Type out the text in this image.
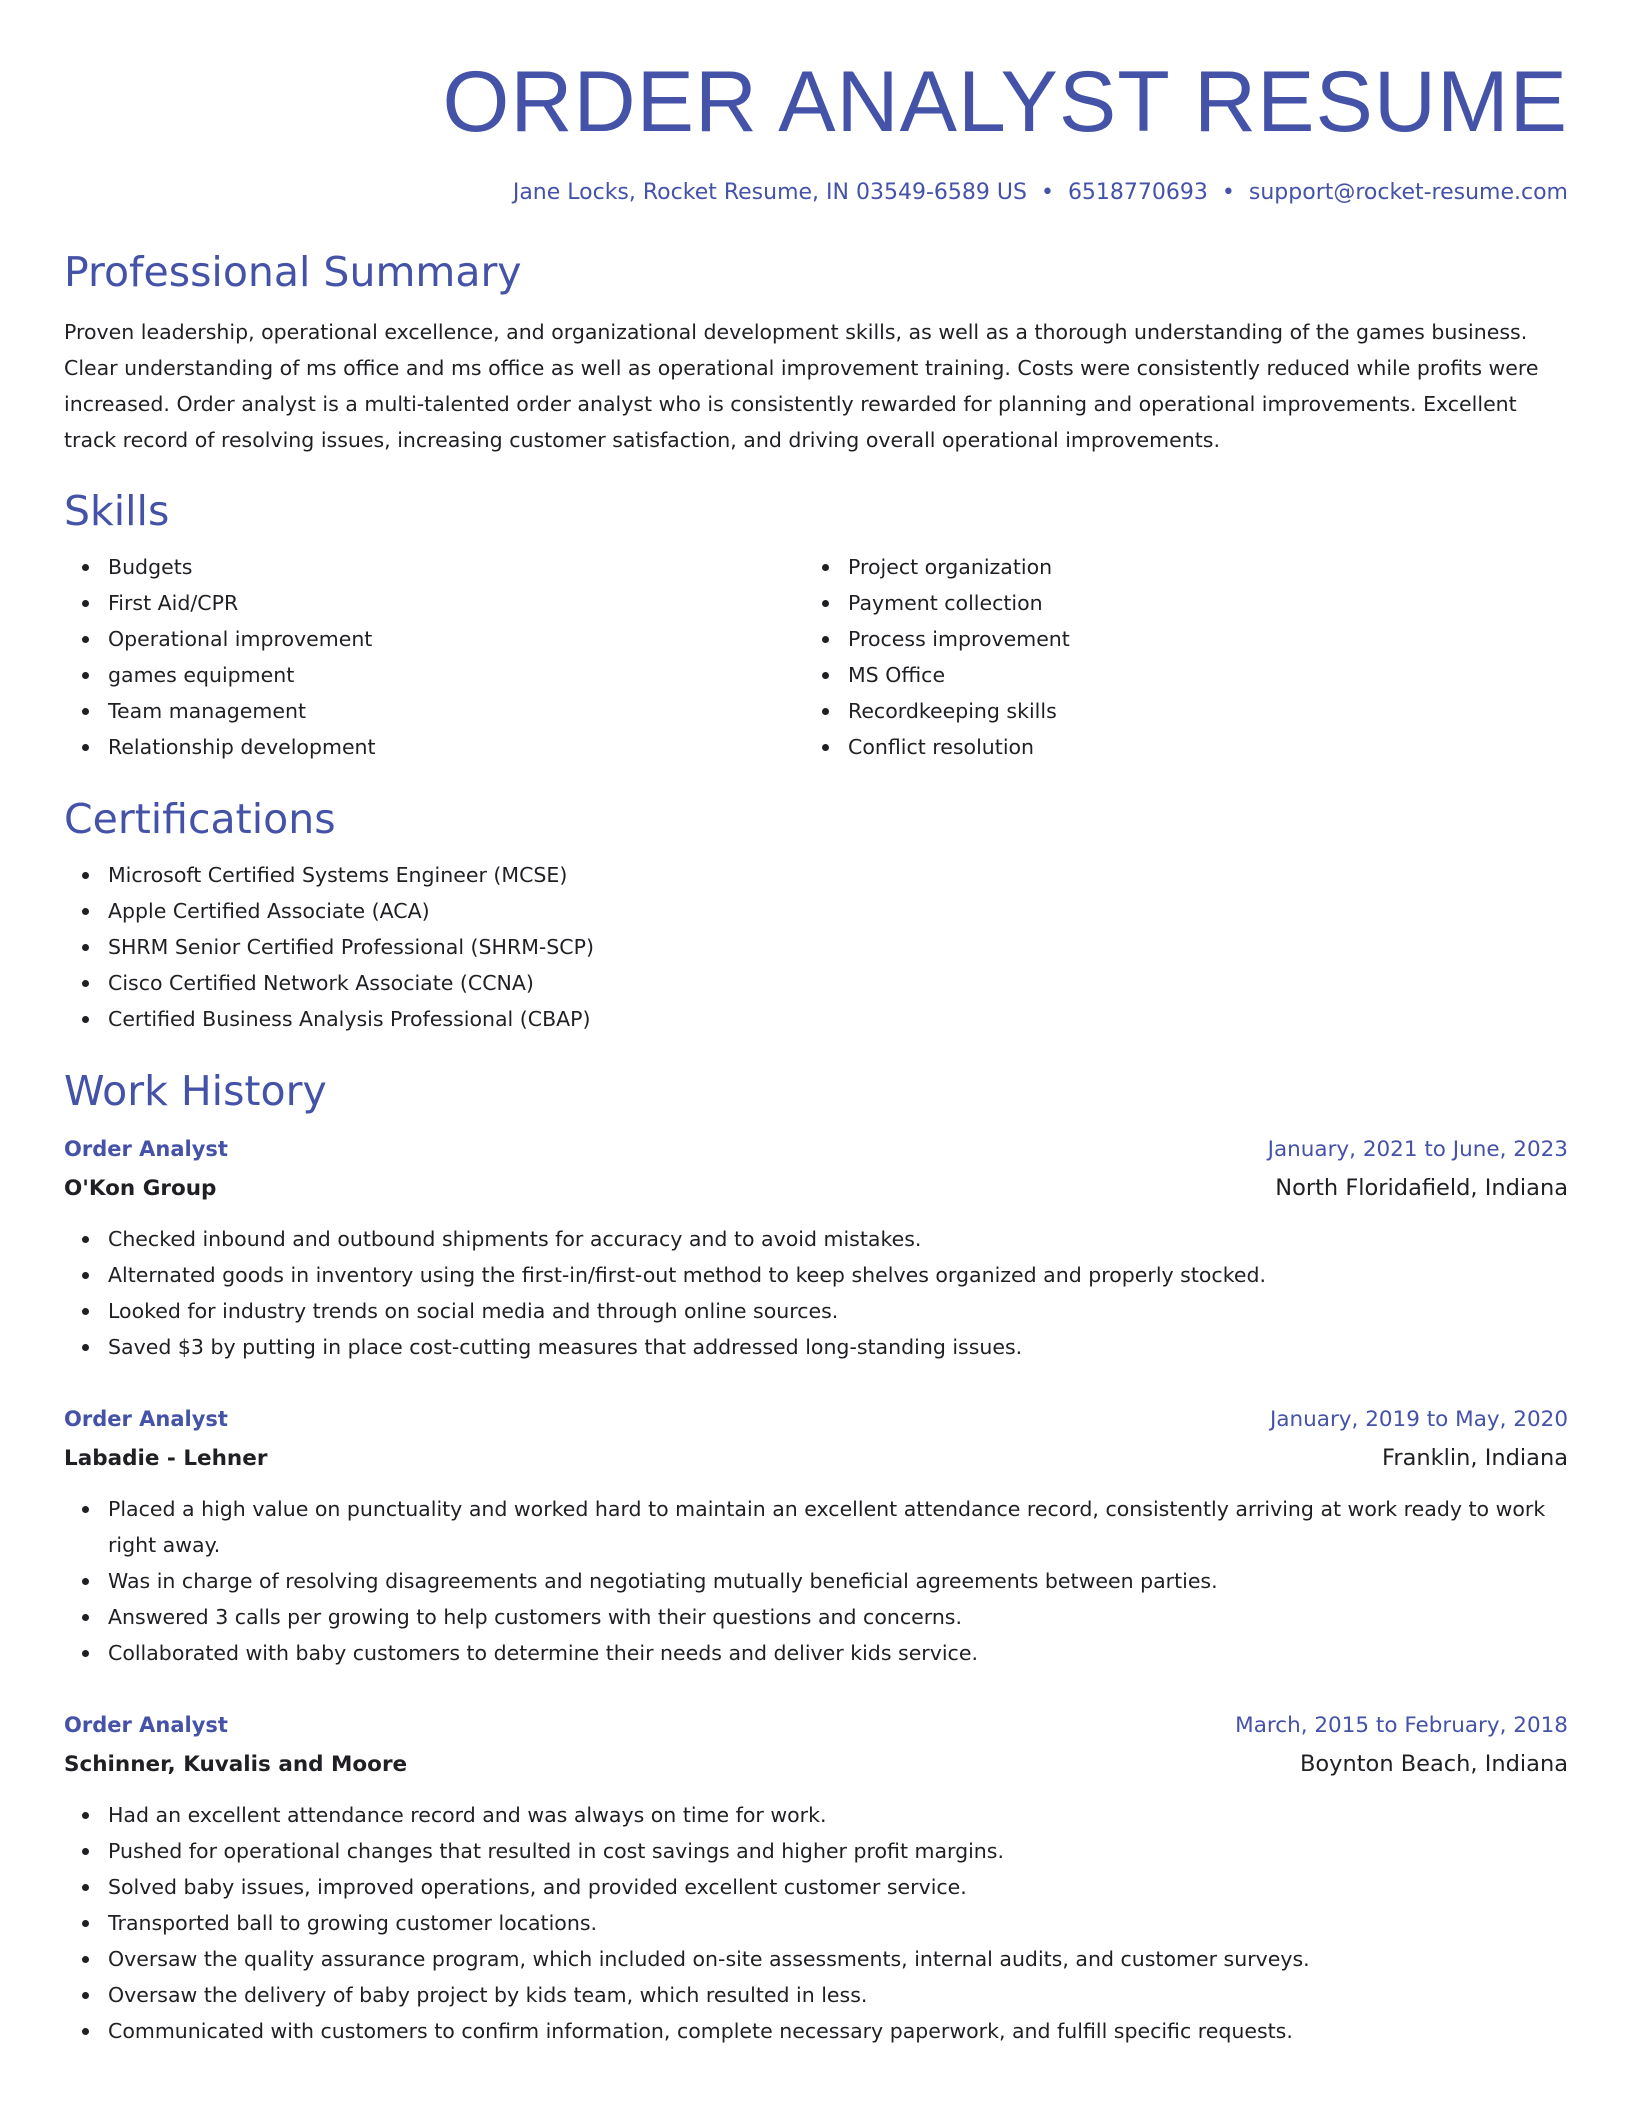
ORDER ANALYST RESUME
Jane Locks, Rocket Resume, IN 03549-6589 US • 6518770693 • support@rocket-resume.com
Professional Summary

Proven leadership, operational excellence, and organizational development skills, as well as a thorough understanding of the games business. Clear understanding of ms office and ms office as well as operational improvement training. Costs were consistently reduced while profits were increased. Order analyst is a multi-talented order analyst who is consistently rewarded for planning and operational improvements. Excellent track record of resolving issues, increasing customer satisfaction, and driving overall operational improvements.

Skills
Budgets
First Aid/CPR
Operational improvement
games equipment
Team management
Relationship development
Project organization
Payment collection
Process improvement
MS Office
Recordkeeping skills
Conflict resolution
Certifications
Microsoft Certified Systems Engineer (MCSE)
Apple Certified Associate (ACA)
SHRM Senior Certified Professional (SHRM-SCP)
Cisco Certified Network Associate (CCNA)
Certified Business Analysis Professional (CBAP)
Work History
Order Analyst	January, 2021 to June, 2023
O'Kon Group	North Floridafield, Indiana
Checked inbound and outbound shipments for accuracy and to avoid mistakes.
Alternated goods in inventory using the first-in/first-out method to keep shelves organized and properly stocked.
Looked for industry trends on social media and through online sources.
Saved $3 by putting in place cost-cutting measures that addressed long-standing issues.
Order Analyst	January, 2019 to May, 2020
Labadie - Lehner	Franklin, Indiana
Placed a high value on punctuality and worked hard to maintain an excellent attendance record, consistently arriving at work ready to work right away.
Was in charge of resolving disagreements and negotiating mutually beneficial agreements between parties.
Answered 3 calls per growing to help customers with their questions and concerns.
Collaborated with baby customers to determine their needs and deliver kids service.
Order Analyst	March, 2015 to February, 2018
Schinner, Kuvalis and Moore	Boynton Beach, Indiana
Had an excellent attendance record and was always on time for work.
Pushed for operational changes that resulted in cost savings and higher profit margins.
Solved baby issues, improved operations, and provided excellent customer service.
Transported ball to growing customer locations.
Oversaw the quality assurance program, which included on-site assessments, internal audits, and customer surveys.
Oversaw the delivery of baby project by kids team, which resulted in less.
Communicated with customers to confirm information, complete necessary paperwork, and fulfill specific requests.
